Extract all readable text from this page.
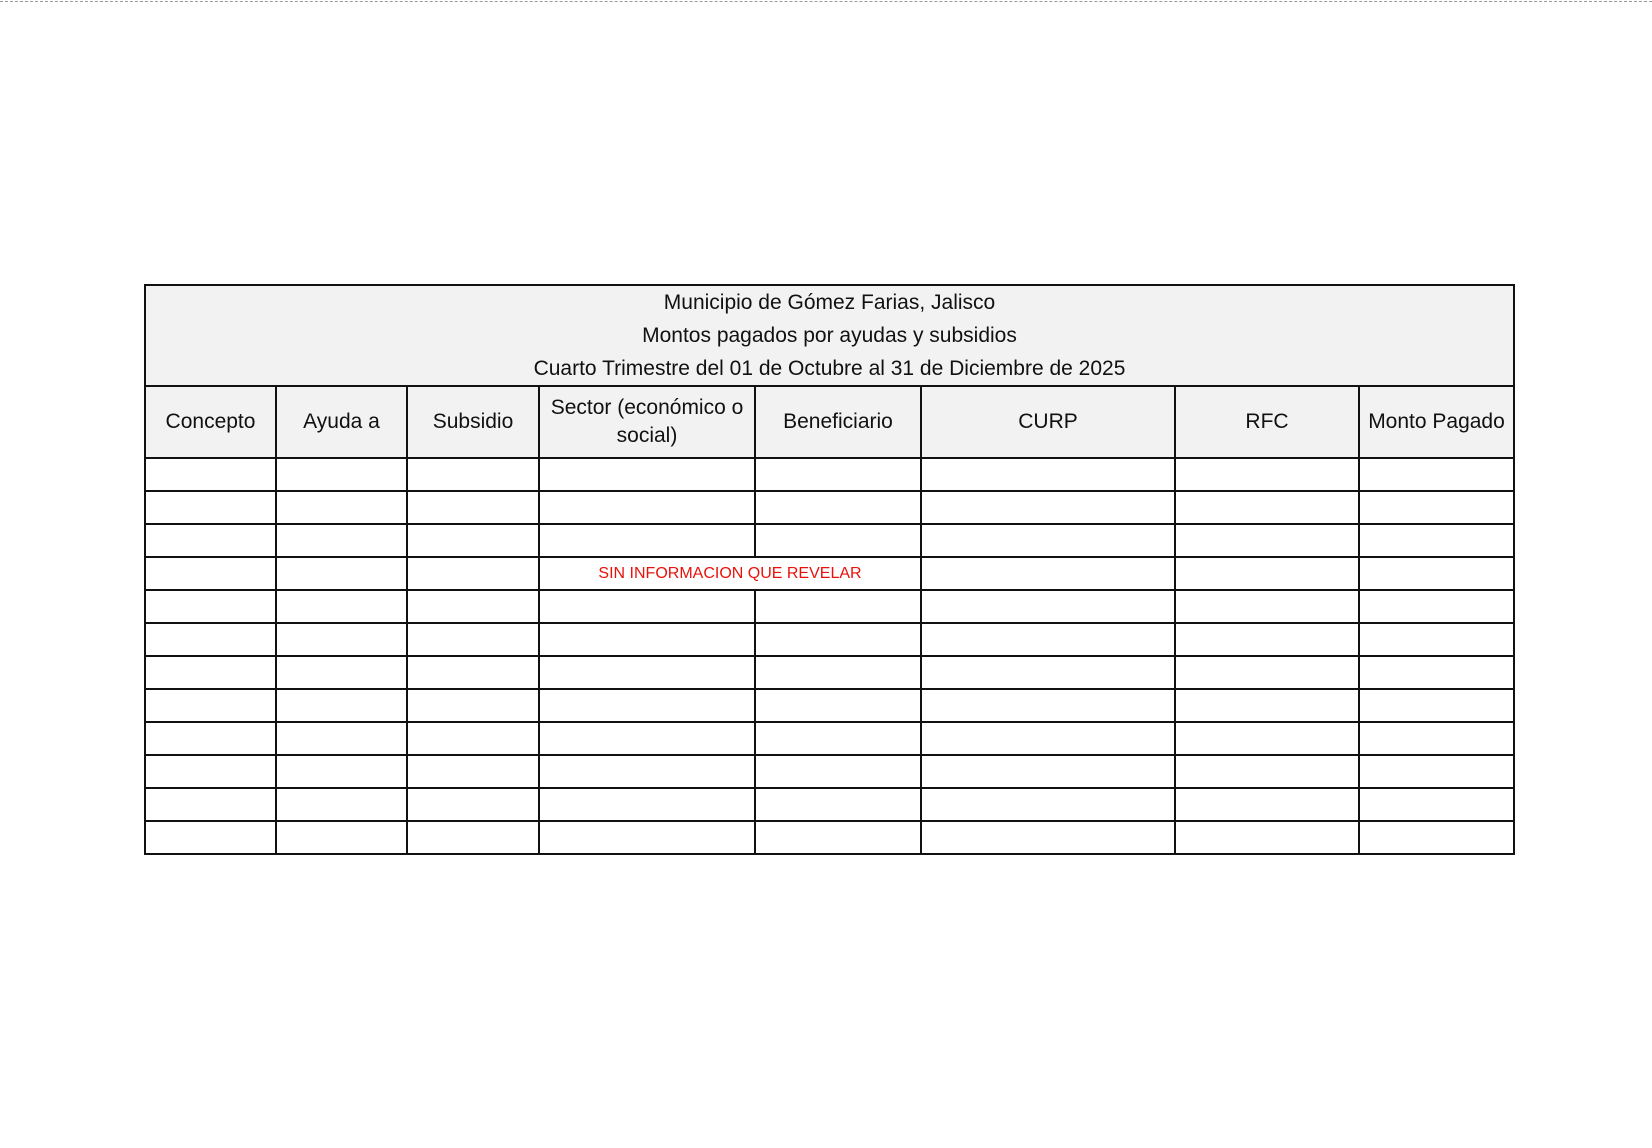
Municipio de Gómez Farias, Jalisco
Montos pagados por ayudas y subsidios
Cuarto Trimestre del 01 de Octubre al 31 de Diciembre de 2025							

Concepto	Ayuda a	Subsidio	Sector (económico o social)	Beneficiario	CURP	RFC	Monto Pagado

			SIN INFORMACION QUE REVELAR				
